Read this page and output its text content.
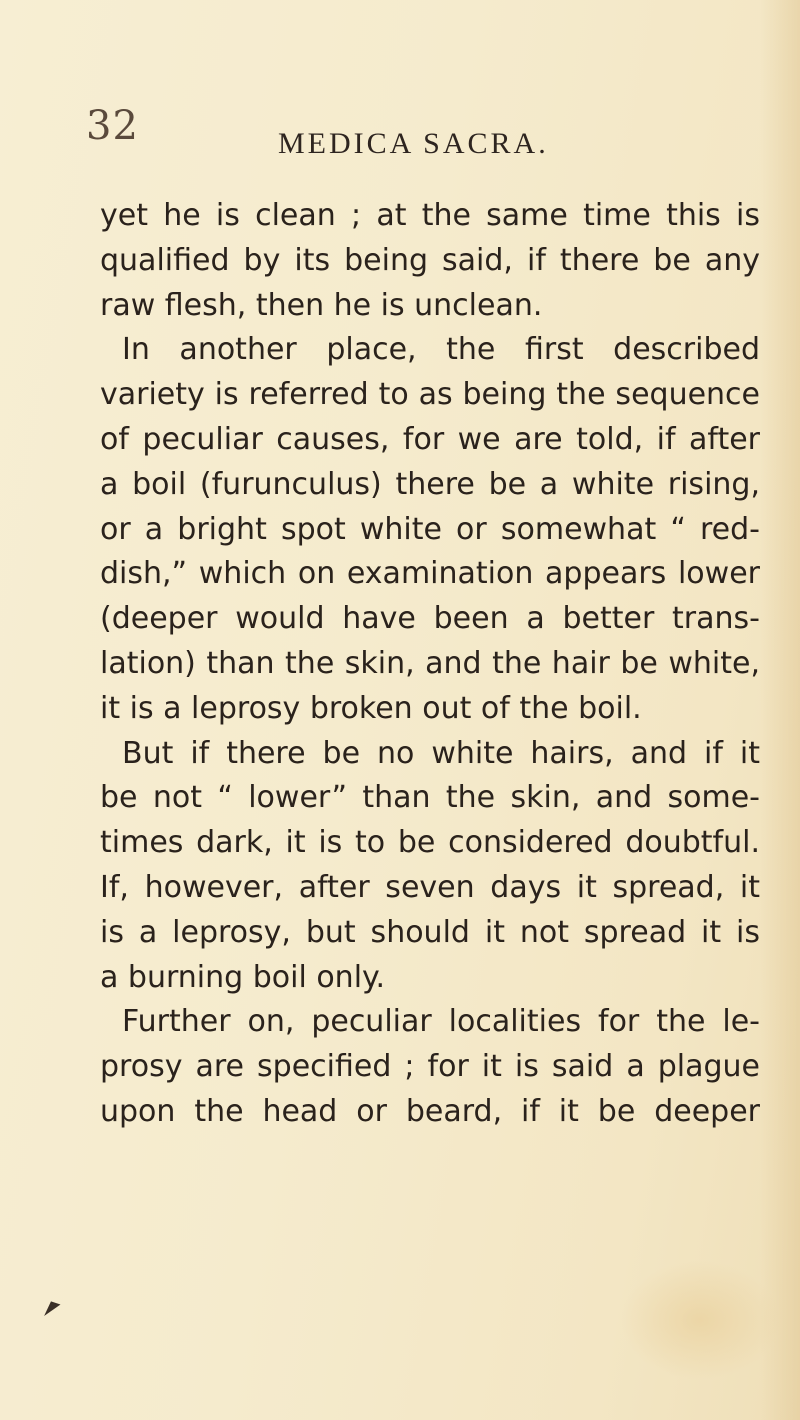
32	MEDICA SACRA.
yet he is clean ; at the same time this is
qualified by its being said, if there be any
raw flesh, then he is unclean.
In another place, the first described
variety is referred to as being the sequence
of peculiar causes, for we are told, if after
a boil (furunculus) there be a white rising,
or a bright spot white or somewhat “ red-
dish,” which on examination appears lower
(deeper would have been a better trans-
lation) than the skin, and the hair be white,
it is a leprosy broken out of the boil.
But if there be no white hairs, and if it
be not “ lower” than the skin, and some-
times dark, it is to be considered doubtful.
If, however, after seven days it spread, it
is a leprosy, but should it not spread it is
a burning boil only.
Further on, peculiar localities for the le-
prosy are specified ; for it is said a plague
upon the head or beard, if it be deeper
